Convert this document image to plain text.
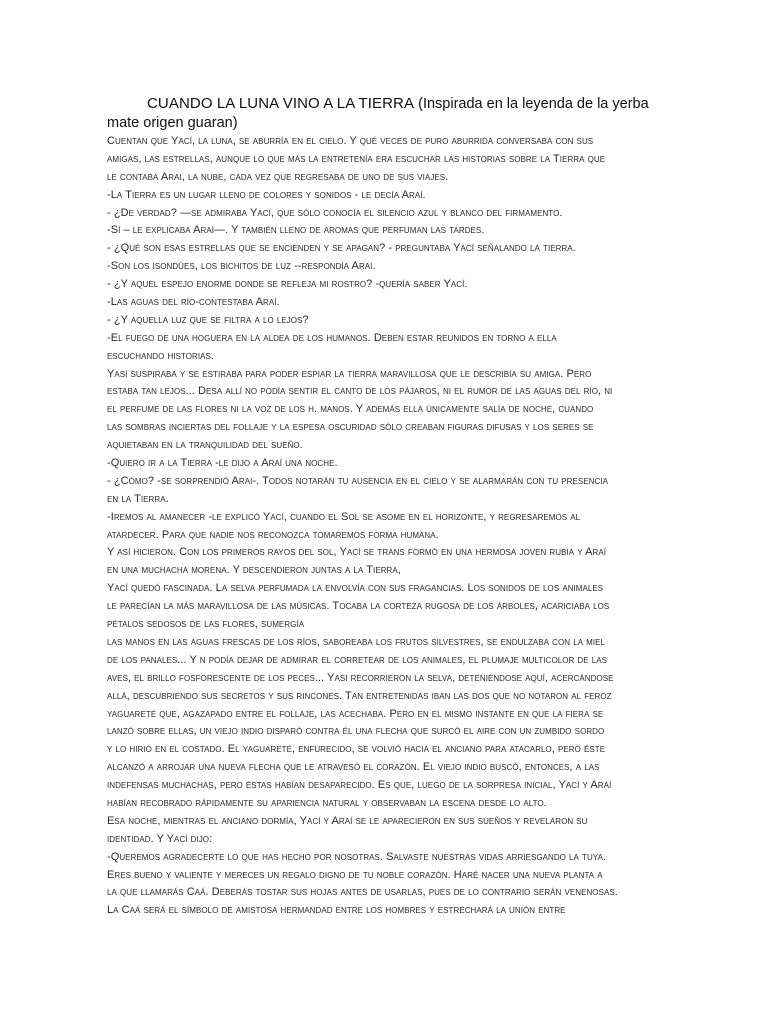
CUANDO LA LUNA VINO A LA TIERRA (Inspirada en la leyenda de la yerba mate origen guaran)
Cuentan que Yací, la luna, se aburría en el cielo. Y qué veces de puro aburrida conversaba con sus
amigas, las estrellas, aunque lo que más la entretenía era escuchar las historias sobre la Tierra que
le contaba Arai, la nube, cada vez que regresaba de uno de sus viajes.
-La Tierra es un lugar lleno de colores y sonidos - le decía Araí.
- ¿De verdad? —se admiraba Yací, que sólo conocía el silencio azul y blanco del firmamento.
-Sí – le explicaba Araí—. Y también lleno de aromas que perfuman las tardes.
- ¿Qué son esas estrellas que se encienden y se apagan? - preguntaba Yací señalando la tierra.
-Son los isondúes, los bichitos de luz --respondía Arai.
- ¿Y aquel espejo enorme donde se refleja mi rostro? -quería saber Yací.
-Las aguas del río-contestaba Araí.
- ¿Y aquella luz que se filtra a lo lejos?
-El fuego de una hoguera en la aldea de los humanos. Deben estar reunidos en torno a ella
escuchando historias.
Yasí suspiraba y se estiraba para poder espiar la tierra maravillosa que le describía su amiga. Pero
estaba tan lejos... Desa allí no podía sentir el canto de los pájaros, ni el rumor de las aguas del río, ni
el perfume de las flores ni la voz de los h. manos. Y además ella únicamente salía de noche, cuando
las sombras inciertas del follaje y la espesa oscuridad sólo creaban figuras difusas y los seres se
aquietaban en la tranquilidad del sueño.
-Quiero ir a la Tierra -le dijo a Araí una noche.
- ¿Cómo? -se sorprendió Arai-. Todos notarán tu ausencia en el cielo y se alarmarán con tu presencia
en la Tierra.
-Iremos al amanecer -le explicó Yací, cuando el Sol se asome en el horizonte, y regresaremos al
atardecer. Para que nadie nos reconozca tomaremos forma humana.
Y así hicieron. Con los primeros rayos del sol, Yací se trans formó en una hermosa joven rubia y Araí
en una muchacha morena. Y descendieron juntas a la Tierra,
Yací quedó fascinada. La selva perfumada la envolvía con sus fragancias. Los sonidos de los animales
le parecían la más maravillosa de las músicas. Tocaba la corteza rugosa de los árboles, acariciaba los
pétalos sedosos de las flores, sumergía
las manos en las aguas frescas de los ríos, saboreaba los frutos silvestres, se endulzaba con la miel
de los panales... Y n podía dejar de admirar el corretear de los animales, el plumaje multicolor de las
aves, el brillo fosforescente de los peces... Yasi recorrieron la selva, deteniéndose aquí, acercándose
allá, descubriendo sus secretos y sus rincones. Tan entretenidas iban las dos que no notaron al feroz
yaguareté que, agazapado entre el follaje, las acechaba. Pero en el mismo instante en que la fiera se
lanzó sobre ellas, un viejo indio disparó contra él una flecha que surcó el aire con un zumbido sordo
y lo hirió en el costado. El yaguareté, enfurecido, se volvió hacia el anciano para atacarlo, pero éste
alcanzó a arrojar una nueva flecha que le atravesó el corazón. El viejo indio buscó, entonces, a las
indefensas muchachas, pero éstas habían desaparecido. Es que, luego de la sorpresa inicial, Yací y Araí
habían recobrado rápidamente su apariencia natural y observaban la escena desde lo alto.
Esa noche, mientras el anciano dormía, Yací y Araí se le aparecieron en sus sueños y revelaron su
identidad. Y Yací dijo:
-Queremos agradecerte lo que has hecho por nosotras. Salvaste nuestras vidas arriesgando la tuya.
Eres bueno y valiente y mereces un regalo digno de tu noble corazón. Haré nacer una nueva planta a
la que llamarás Caá. Deberás tostar sus hojas antes de usarlas, pues de lo contrario serán venenosas.
La Caá será el símbolo de amistosa hermandad entre los hombres y estrechará la unión entre
